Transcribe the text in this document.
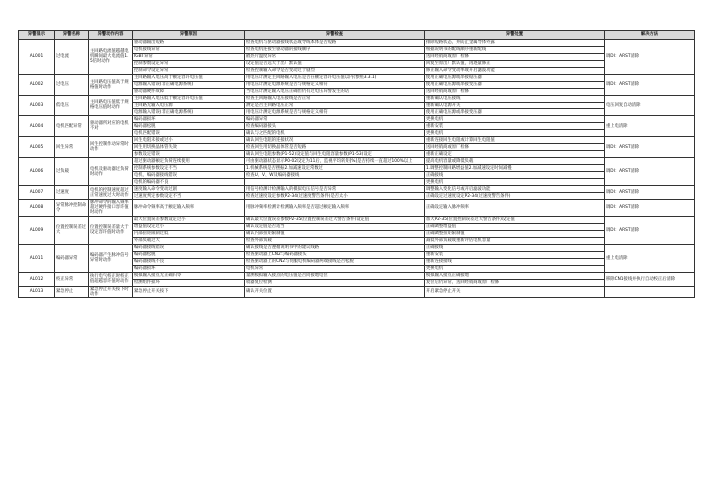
异警显示	异警名称	异警动作内容	异警原因	异警检查	异警处置	解决方法
AL001	过电流	主回路电流值越越电机瞬间最大电流值1.5倍时动作	驱动器输出短路	检查电机与驱动器接线状态或导线本体是否短路	排除短路状态，并防止金属导体外露	调DI：ARST清除
			电机接线异常	检查电机连接至驱动器的接线顺序	根据说明书的配线顺序重新配线	
			IGBT异常	散热片温度异常	送回经销商或原厂检修	
			控制参数设定异常	设定值是否远大于出厂默认值	回复至原出厂默认值，再逐量修正	
			控制命令设定异常	检查控制输入命令是否变动过于剧烈	修正输入命令变动率或开启滤波功能	
AL002	过电压	主回路电压值高于规格值时动作	主回路输入电压高于额定容许电压值	用电压计测定主回路输入电压是否在额定容许电压值以内(参照3.3.1)	使用正确电压源或串接稳压器	调DI：ARST清除
			电源输入错误(非正确电源系统)	用电压计测定电源系统是否与规格定义相符	使用正确电压源或串接变压器	
			驱动器硬件故障	当电压计测定输入电压正确但仍有过电压异警发生的话	送回经销商或原厂检修	
AL003	低电压	主回路电压值低于规格电压值时动作	主回路输入电压低于额定容许电压值	检查主回路输入电压接线是否正常	重新确认电压接线	电压回复自动清除
			主回路无输入电压源	测定是否主回路电压正常	重新确认电源开关	
			电源输入错误(非正确电源系统)	用电压计测定电源系统是否与规格定义相符	使用正确电压源或串接变压器	
AL004	电机匹配异常	驱动器所对应的电机不对	编码器损坏	编码器异常	更换电机	重上电清除
			编码器松脱	检查编码器接头	重新安装	
			电机匹配错误	确认与之匹配的电机	更换电机	
AL005	回生异常	回生控制作动异常时动作	回生电阻未接或过小	确认回生电阻的连接状况	重新连接回生电阻或计算回生电阻值	调DI：ARST清除
			回生用切换晶体管失效	检查回生用切换晶体管是否短路	送回经销商或原厂检修	
			参数设定错误	确认回生电阻参数(P1-52)设定值与回生电阻容量参数(P1-53)设定	重新正确设定	
AL006	过负载	电机及驱动器过负荷时动作	超过驱动器额定负荷连续使用	可由驱动器状态显示P0-02设定为11后，监视平均转矩[%]是否持续一直超过100%以上	提高电机容量或降低负载	调DI：ARST清除
			控制系统参数设定不当	1.机械系统是否摆振2.加减速设定常数过	1.调整控制回路增益值2.加减速设定时间减慢	
			电机、编码器接线错误	检查U、V、W及编码器接线	正确接线	
			电机的编码器不良		更换电机	
AL007	过速度	电机的控制速度超过正常速度过大时动作	速度输入命令变动过剧	用信号检测计检测输入的模拟电压信号是否异常	调整输入变化信号或开启滤波功能	调DI：ARST清除
			过速度判定参数设定不当	检查过速度设定参数P2-34(过速度警告条件)是否太小	正确设定过速度设定P2-34(过速度警告条件)	
AL008	异常脉冲控制命令	脉冲命令的输入频率超过硬件接口容许值时动作	脉冲命令频率高于额定输入频率	用脉冲频率检测计检测输入频率是否超过额定输入频率	正确设定输入脉冲频率	调DI：ARST清除
AL009	位置控制误差过大	位置控制误差量大于设定容许值时动作	最大位置误差参数设定过小	确认最大位置误差参数P2-35(位置控制误差过大警告条件)设定值	加大P2-35(位置控制误差过大警告条件)设定值	调DI：ARST清除
			增益值设定过小	确认设定值是否适当	正确调整增益值	
			内部扭矩限制过低	确认内部扭矩限制值	正确调整扭矩限制值	
			外部负载过大	检查外部负载	减低外部负载或重新评估电机容量	
AL011	编码器异常	编码器产生脉冲信号异常时动作	编码器接线错误	确认接线是否遵循说明书中的建议线路	正确接线	重上电清除
			编码器松脱	检查驱动器上CN2与编码器接头	重新安装	
			编码器接线不良	检查驱动器上的CN2与伺服电机编码器两端接线是否松脱	重新连接接线	
			编码器损坏	电机异常	更换电机	
AL012	校正异常	执行电气校正时校正值超越容许值时动作	模拟输入接点无正确归零	量测模拟输入接点的电压值是否同接地电位	模拟输入接点正确接地	移除CN1接线并执行自动校正后清除
			检测组件损坏	收器复位检测	复位后仍异常，送回经销商或原厂检修	
AL013	紧急停止	紧急停止开关按下时动作	紧急停止开关按下	确认开关位置	开启紧急停止开关	
